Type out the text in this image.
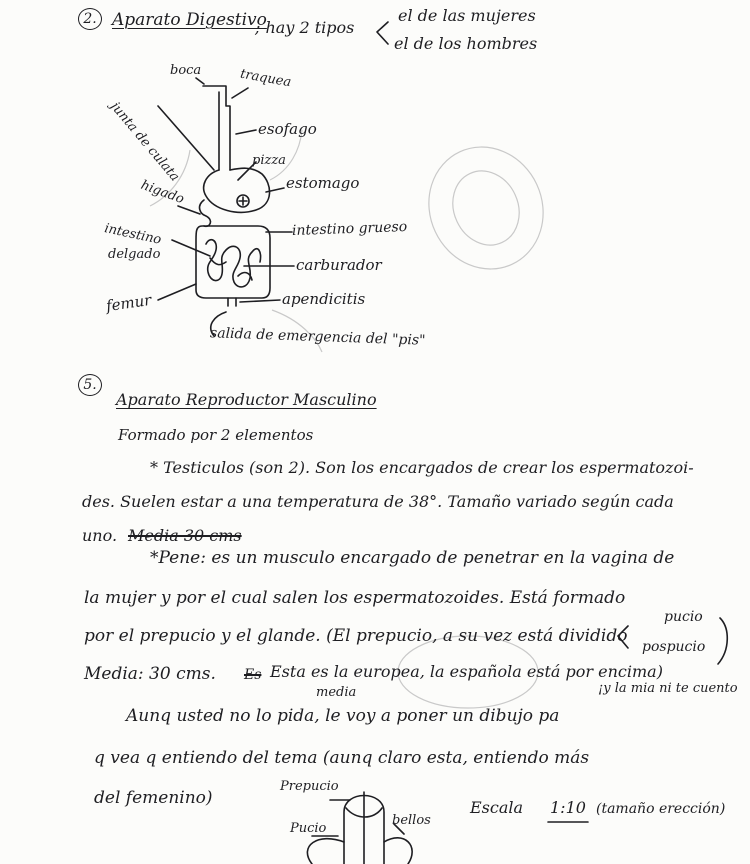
2. Aparato Digestivo
; hay 2 tipos
el de las mujeres
el de los hombres
boca	traquea
junta de culata	esofago
pizza
estomago
higado
intestino grueso
intestino
delgado
carburador
femur	apendicitis
salida de emergencia del "pis"
5.
Aparato Reproductor Masculino
Formado por 2 elementos
* Testiculos (son 2). Son los encargados de crear los espermatozoi-
des. Suelen estar a una temperatura de 38°. Tamaño variado según cada
uno. Media 30 cms
*Pene: es un musculo encargado de penetrar en la vagina de
la mujer y por el cual salen los espermatozoides. Está formado
por el prepucio y el glande. (El prepucio, a su vez está dividido
pucio
pospucio
Media: 30 cms. Es Esta es la europea, la española está por encima)
media	¡y la mia ni te cuento
Aunq usted no lo pida, le voy a poner un dibujo pa
q vea q entiendo del tema (aunq claro esta, entiendo más
del femenino)
Prepucio
Pucio
bellos
Escala 1:10 (tamaño erección)
